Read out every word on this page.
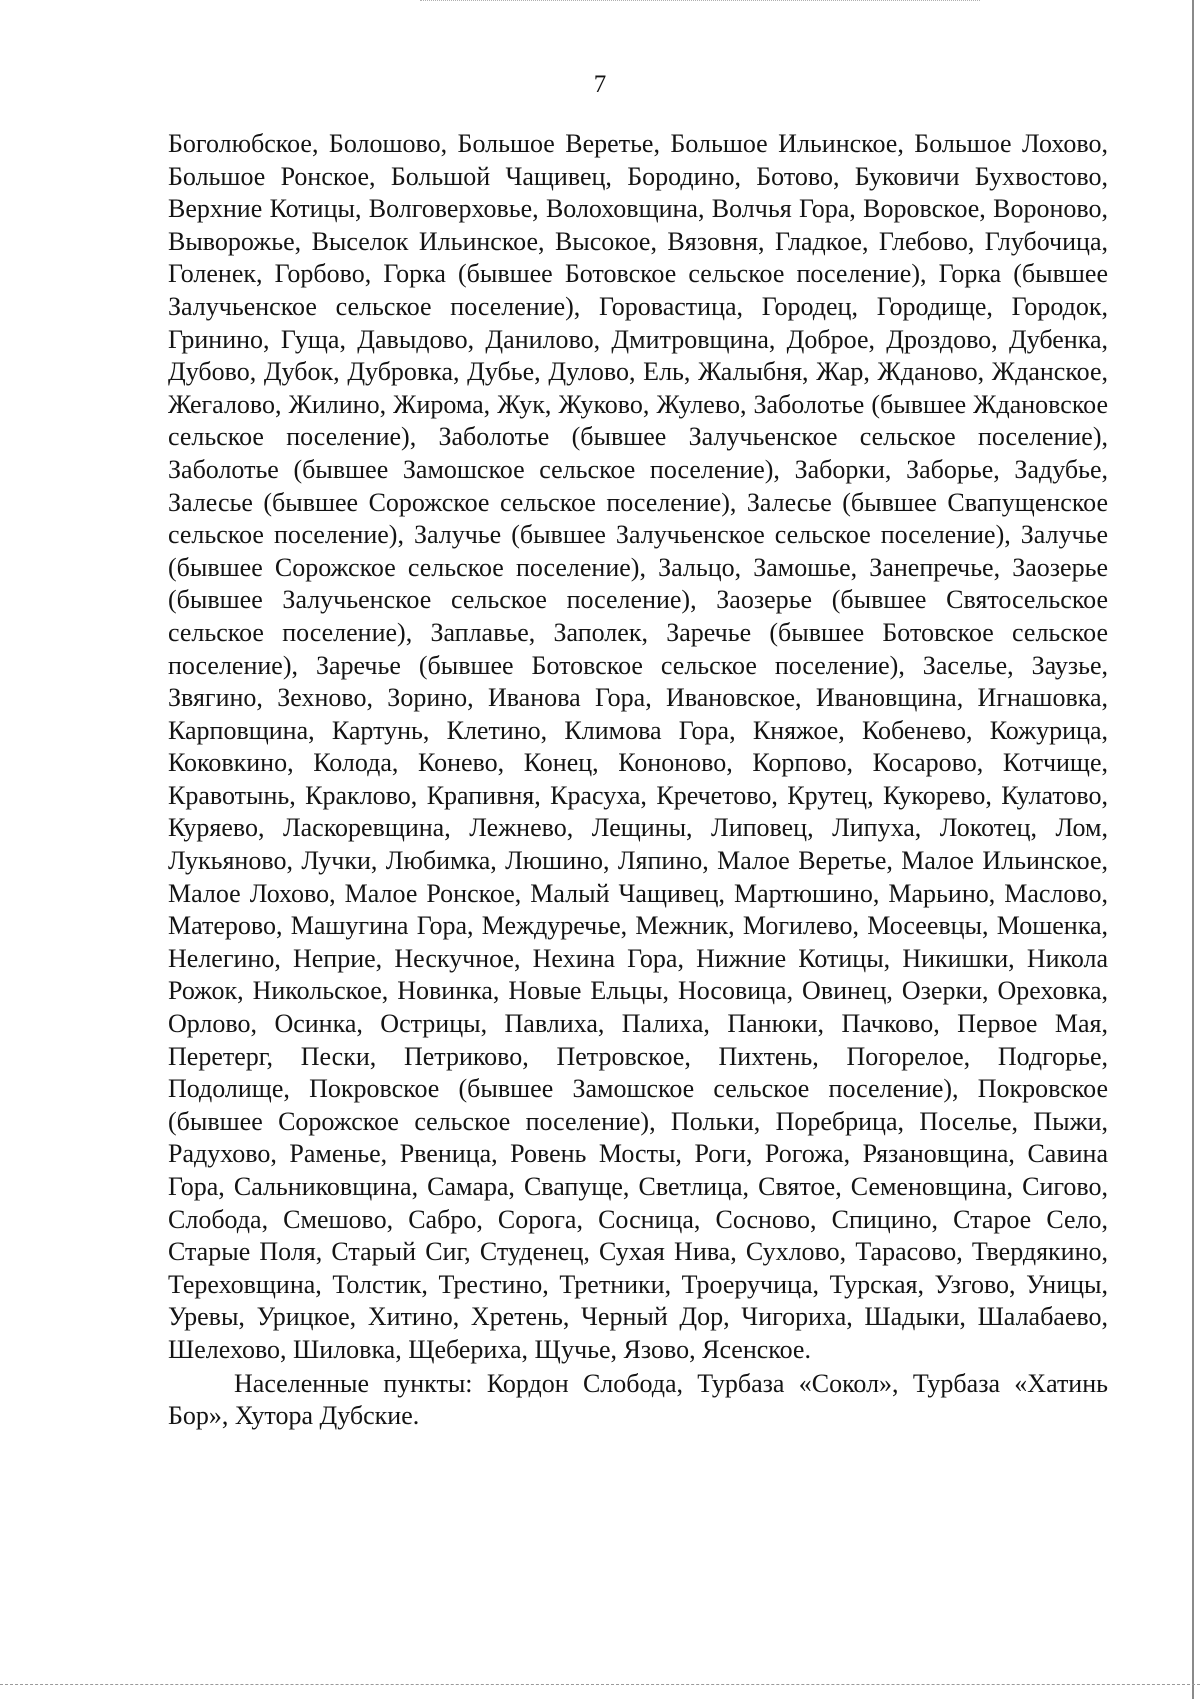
7

Боголюбское, Болошово, Большое Веретье, Большое Ильинское, Большое Лохово, Большое Ронское, Большой Чащивец, Бородино, Ботово, Буковичи Бухвостово, Верхние Котицы, Волговерховье, Волоховщина, Волчья Гора, Воровское, Вороново, Выворожье, Выселок Ильинское, Высокое, Вязовня, Гладкое, Глебово, Глубочица, Голенек, Горбово, Горка (бывшее Ботовское сельское поселение), Горка (бывшее Залучьенское сельское поселение), Горовастица, Городец, Городище, Городок, Гринино, Гуща, Давыдово, Данилово, Дмитровщина, Доброе, Дроздово, Дубенка, Дубово, Дубок, Дубровка, Дубье, Дулово, Ель, Жалыбня, Жар, Жданово, Жданское, Жегалово, Жилино, Жирома, Жук, Жуково, Жулево, Заболотье (бывшее Ждановское сельское поселение), Заболотье (бывшее Залучьенское сельское поселение), Заболотье (бывшее Замошское сельское поселение), Заборки, Заборье, Задубье, Залесье (бывшее Сорожское сельское поселение), Залесье (бывшее Свапущенское сельское поселение), Залучье (бывшее Залучьенское сельское поселение), Залучье (бывшее Сорожское сельское поселение), Зальцо, Замошье, Занепречье, Заозерье (бывшее Залучьенское сельское поселение), Заозерье (бывшее Святосельское сельское поселение), Заплавье, Заполек, Заречье (бывшее Ботовское сельское поселение), Заречье (бывшее Ботовское сельское поселение), Заселье, Заузье, Звягино, Зехново, Зорино, Иванова Гора, Ивановское, Ивановщина, Игнашовка, Карповщина, Картунь, Клетино, Климова Гора, Княжое, Кобенево, Кожурица, Коковкино, Колода, Конево, Конец, Кононово, Корпово, Косарово, Котчище, Кравотынь, Краклово, Крапивня, Красуха, Кречетово, Крутец, Кукорево, Кулатово, Куряево, Ласкоревщина, Лежнево, Лещины, Липовец, Липуха, Локотец, Лом, Лукьяново, Лучки, Любимка, Люшино, Ляпино, Малое Веретье, Малое Ильинское, Малое Лохово, Малое Ронское, Малый Чащивец, Мартюшино, Марьино, Маслово, Матерово, Машугина Гора, Междуречье, Межник, Могилево, Мосеевцы, Мошенка, Нелегино, Неприе, Нескучное, Нехина Гора, Нижние Котицы, Никишки, Никола Рожок, Никольское, Новинка, Новые Ельцы, Носовица, Овинец, Озерки, Ореховка, Орлово, Осинка, Острицы, Павлиха, Палиха, Панюки, Пачково, Первое Мая, Перетерг, Пески, Петриково, Петровское, Пихтень, Погорелое, Подгорье, Подолище, Покровское (бывшее Замошское сельское поселение), Покровское (бывшее Сорожское сельское поселение), Польки, Поребрица, Поселье, Пыжи, Радухово, Раменье, Рвеница, Ровень Мосты, Роги, Рогожа, Рязановщина, Савина Гора, Сальниковщина, Самара, Свапуще, Светлица, Святое, Семеновщина, Сигово, Слобода, Смешово, Сабро, Сорога, Сосница, Сосново, Спицино, Старое Село, Старые Поля, Старый Сиг, Студенец, Сухая Нива, Сухлово, Тарасово, Твердякино, Тереховщина, Толстик, Трестино, Третники, Троеручица, Турская, Узгово, Уницы, Уревы, Урицкое, Хитино, Хретень, Черный Дор, Чигориха, Шадыки, Шалабаево, Шелехово, Шиловка, Щебериха, Щучье, Язово, Ясенское.

Населенные пункты: Кордон Слобода, Турбаза «Сокол», Турбаза «Хатинь Бор», Хутора Дубские.
